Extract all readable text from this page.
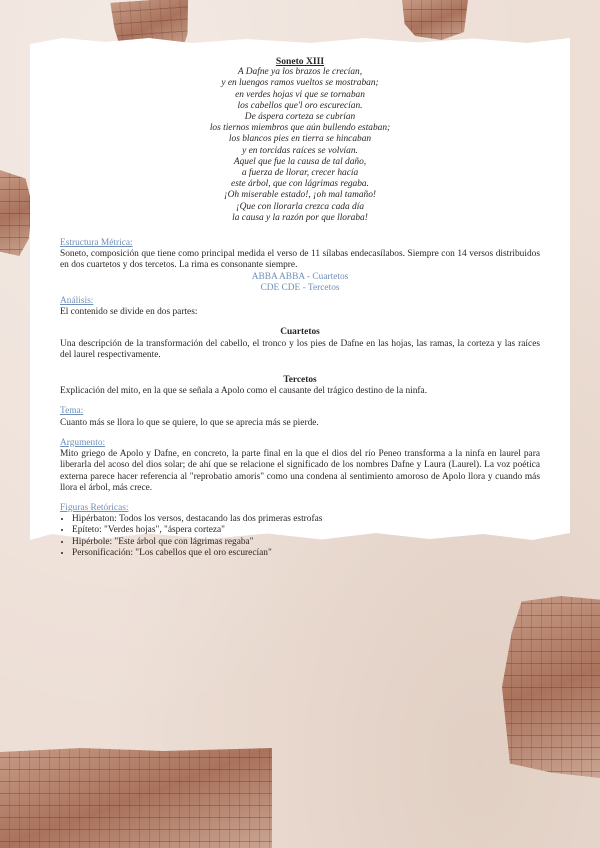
Soneto XIII
A Dafne ya los brazos le crecían,
y en luengos ramos vueltos se mostraban;
en verdes hojas vi que se tornaban
los cabellos que'l oro escurecían.
De áspera corteza se cubrían
los tiernos miembros que aún bullendo estaban;
los blancos pies en tierra se hincaban
y en torcidas raíces se volvían.
Aquel que fue la causa de tal daño,
a fuerza de llorar, crecer hacía
este árbol, que con lágrimas regaba.
¡Oh miserable estado!, ¡oh mal tamaño!
¡Que con llorarla crezca cada día
la causa y la razón por que lloraba!
Estructura Métrica:
Soneto, composición que tiene como principal medida el verso de 11 sílabas endecasílabos. Siempre con 14 versos distribuidos en dos cuartetos y dos tercetos. La rima es consonante siempre.
ABBA ABBA - Cuartetos
CDE CDE - Tercetos
Análisis:
El contenido se divide en dos partes:
Cuartetos
Una descripción de la transformación del cabello, el tronco y los pies de Dafne en las hojas, las ramas, la corteza y las raíces del laurel respectivamente.
Tercetos
Explicación del mito, en la que se señala a Apolo como el causante del trágico destino de la ninfa.
Tema:
Cuanto más se llora lo que se quiere, lo que se aprecia más se pierde.
Argumento:
Mito griego de Apolo y Dafne, en concreto, la parte final en la que el dios del río Peneo transforma a la ninfa en laurel para liberarla del acoso del dios solar; de ahí que se relacione el significado de los nombres Dafne y Laura (Laurel). La voz poética externa parece hacer referencia al "reprobatio amoris" como una condena al sentimiento amoroso de Apolo llora y cuando más llora el árbol, más crece.
Figuras Retóricas:
• Hipérbaton: Todos los versos, destacando las dos primeras estrofas
• Epíteto: "Verdes hojas", "áspera corteza"
• Hipérbole: "Este árbol que con lágrimas regaba"
• Personificación: "Los cabellos que el oro escurecían"
